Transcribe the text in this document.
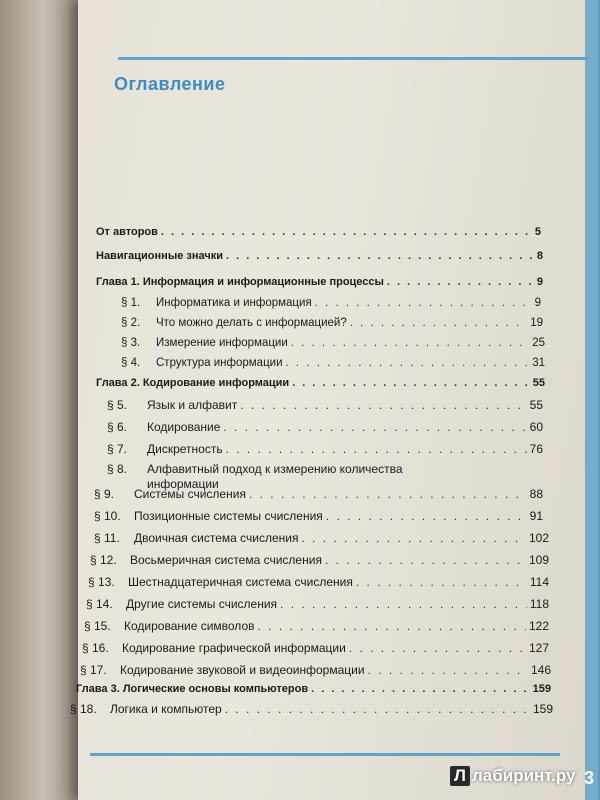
Оглавление
От авторов . . .	5
Навигационные значки . . .	8
Глава 1. Информация и информационные процессы . . .	9
§ 1.	Информатика и информация . . .	9
§ 2.	Что можно делать с информацией? . . .	19
§ 3.	Измерение информации . . .	25
§ 4.	Структура информации . . .	31
Глава 2. Кодирование информации . . .	55
§ 5.	Язык и алфавит . . .	55
§ 6.	Кодирование . . .	60
§ 7.	Дискретность . . .	76
§ 8. Алфавитный подход к измерению количества
информации
§ 9.	Системы счисления . . .	88
§ 10.	Позиционные системы счисления . . .	91
§ 11.	Двоичная система счисления . . .	102
§ 12.	Восьмеричная система счисления . . .	109
§ 13.	Шестнадцатеричная система счисления . . .	114
§ 14.	Другие системы счисления . . .	118
§ 15.	Кодирование символов . . .	122
§ 16.	Кодирование графической информации . . .	127
§ 17.	Кодирование звуковой и видеоинформации . . .	146
Глава 3. Логические основы компьютеров . . .	159
§ 18.	Логика и компьютер . . .	159
Л лабиринт.ру 3
